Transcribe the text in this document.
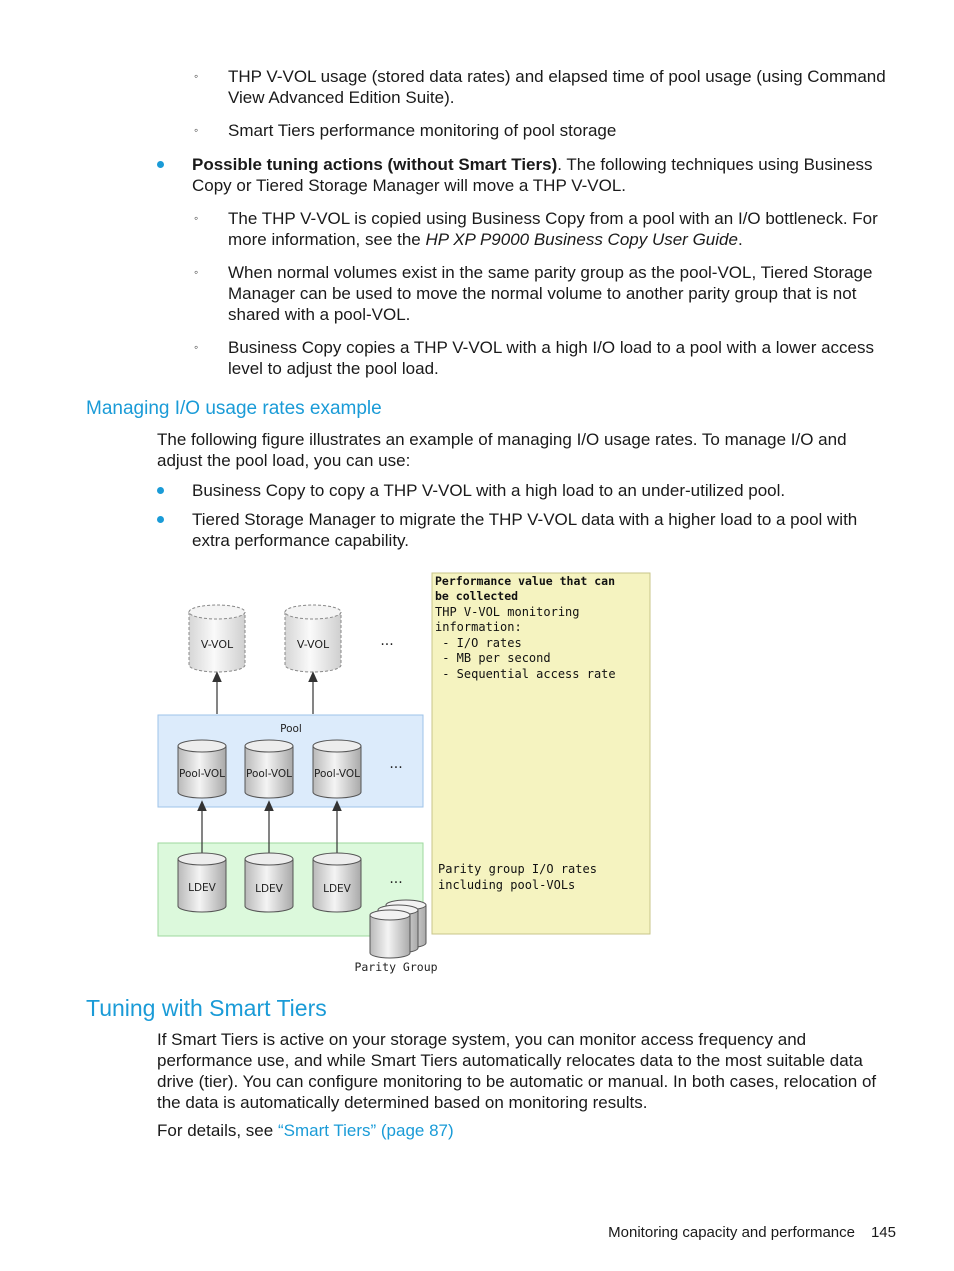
◦ THP V-VOL usage (stored data rates) and elapsed time of pool usage (using Command View Advanced Edition Suite).
◦ Smart Tiers performance monitoring of pool storage
Possible tuning actions (without Smart Tiers). The following techniques using Business Copy or Tiered Storage Manager will move a THP V-VOL.
◦ The THP V-VOL is copied using Business Copy from a pool with an I/O bottleneck. For more information, see the HP XP P9000 Business Copy User Guide.
◦ When normal volumes exist in the same parity group as the pool-VOL, Tiered Storage Manager can be used to move the normal volume to another parity group that is not shared with a pool-VOL.
◦ Business Copy copies a THP V-VOL with a high I/O load to a pool with a lower access level to adjust the pool load.
Managing I/O usage rates example
The following figure illustrates an example of managing I/O usage rates. To manage I/O and adjust the pool load, you can use:
Business Copy to copy a THP V-VOL with a high load to an under-utilized pool.
Tiered Storage Manager to migrate the THP V-VOL data with a higher load to a pool with extra performance capability.
V-VOL	V-VOL	...
Pool
Pool-VOL Pool-VOL Pool-VOL
...
LDEV	LDEV	LDEV
...
Parity Group
Performance value that can
be collected
THP V-VOL monitoring
information:
- I/O rates
- MB per second
- Sequential access rate
Parity group I/O rates
including pool-VOLs
Tuning with Smart Tiers
If Smart Tiers is active on your storage system, you can monitor access frequency and performance use, and while Smart Tiers automatically relocates data to the most suitable data drive (tier). You can configure monitoring to be automatic or manual. In both cases, relocation of the data is automatically determined based on monitoring results.
For details, see “Smart Tiers” (page 87)
Monitoring capacity and performance 145
